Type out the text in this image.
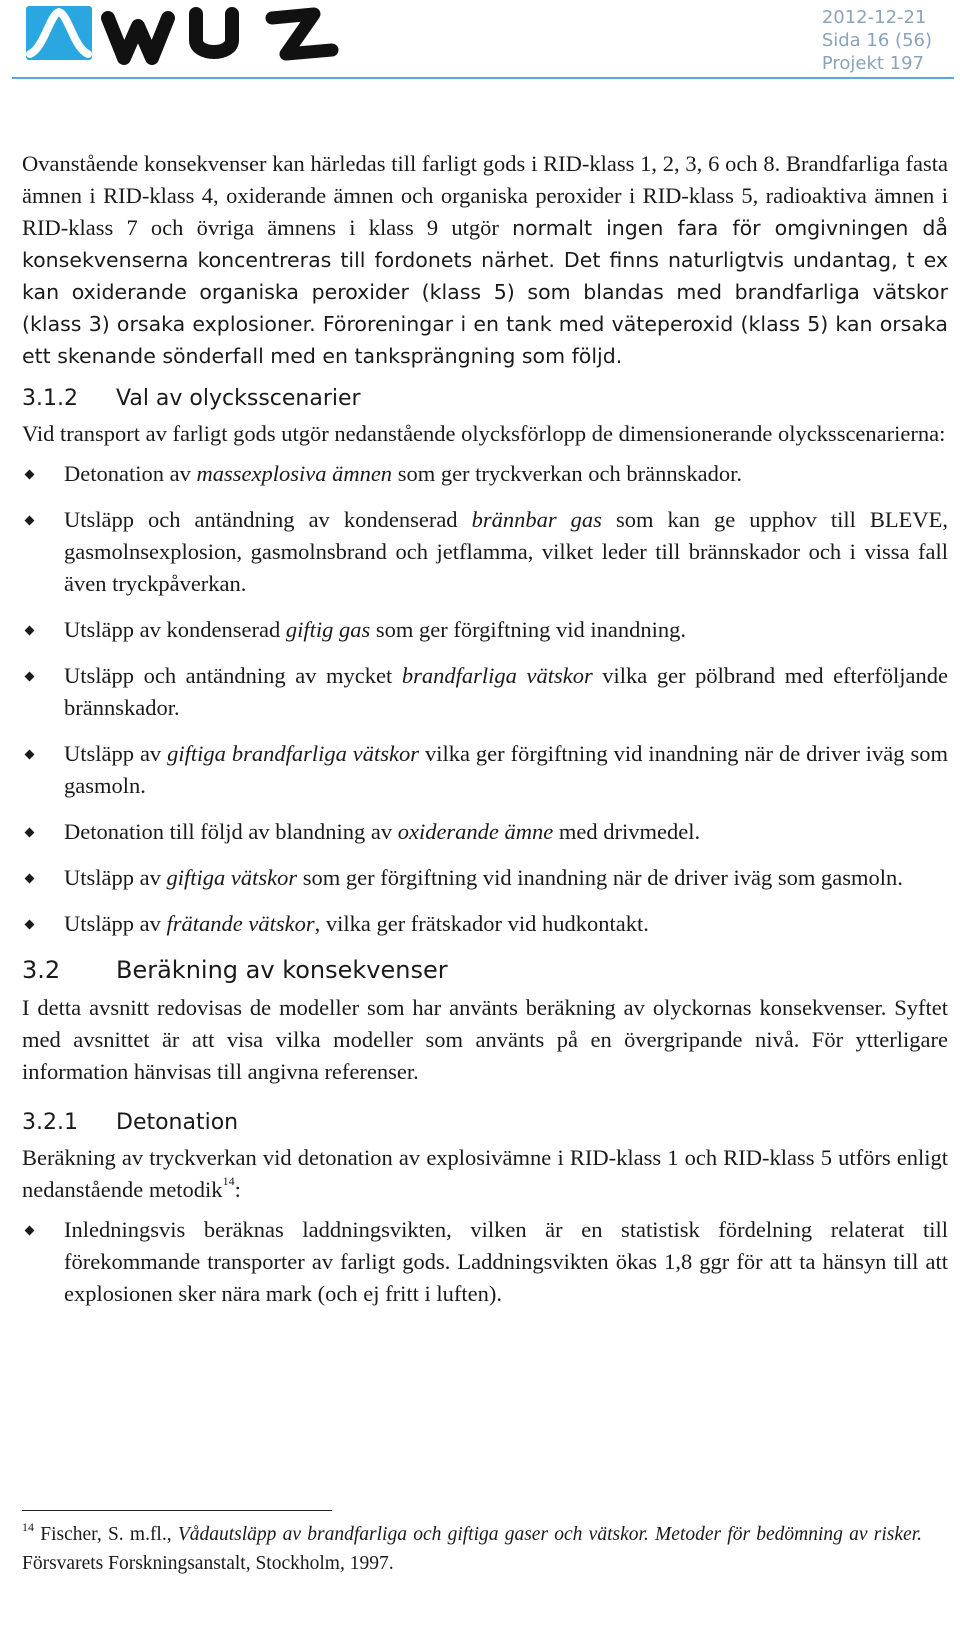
2012-12-21
Sida 16 (56)
Projekt 197

Ovanstående konsekvenser kan härledas till farligt gods i RID-klass 1, 2, 3, 6 och 8. Brandfarliga fasta ämnen i RID-klass 4, oxiderande ämnen och organiska peroxider i RID-klass 5, radioaktiva ämnen i RID-klass 7 och övriga ämnens i klass 9 utgör normalt ingen fara för omgivningen då konsekvenserna koncentreras till fordonets närhet. Det finns naturligtvis undantag, t ex kan oxiderande organiska peroxider (klass 5) som blandas med brandfarliga vätskor (klass 3) orsaka explosioner. Föroreningar i en tank med väteperoxid (klass 5) kan orsaka ett skenande sönderfall med en tanksprängning som följd.

3.1.2	Val av olycksscenarier

Vid transport av farligt gods utgör nedanstående olycksförlopp de dimensionerande olycksscenarierna:

Detonation av massexplosiva ämnen som ger tryckverkan och brännskador.
Utsläpp och antändning av kondenserad brännbar gas som kan ge upphov till BLEVE, gasmolnsexplosion, gasmolnsbrand och jetflamma, vilket leder till brännskador och i vissa fall även tryckpåverkan.
Utsläpp av kondenserad giftig gas som ger förgiftning vid inandning.
Utsläpp och antändning av mycket brandfarliga vätskor vilka ger pölbrand med efterföljande brännskador.
Utsläpp av giftiga brandfarliga vätskor vilka ger förgiftning vid inandning när de driver iväg som gasmoln.
Detonation till följd av blandning av oxiderande ämne med drivmedel.
Utsläpp av giftiga vätskor som ger förgiftning vid inandning när de driver iväg som gasmoln.
Utsläpp av frätande vätskor, vilka ger frätskador vid hudkontakt.
3.2	Beräkning av konsekvenser

I detta avsnitt redovisas de modeller som har använts beräkning av olyckornas konsekvenser. Syftet med avsnittet är att visa vilka modeller som använts på en övergripande nivå. För ytterligare information hänvisas till angivna referenser.

3.2.1	Detonation

Beräkning av tryckverkan vid detonation av explosivämne i RID-klass 1 och RID-klass 5 utförs enligt nedanstående metodik$^{14}$:

Inledningsvis beräknas laddningsvikten, vilken är en statistisk fördelning relaterat till förekommande transporter av farligt gods. Laddningsvikten ökas 1,8 ggr för att ta hänsyn till att explosionen sker nära mark (och ej fritt i luften).

$^{14}$ Fischer, S. m.fl., Vådautsläpp av brandfarliga och giftiga gaser och vätskor. Metoder för bedömning av risker. Försvarets Forskningsanstalt, Stockholm, 1997.
